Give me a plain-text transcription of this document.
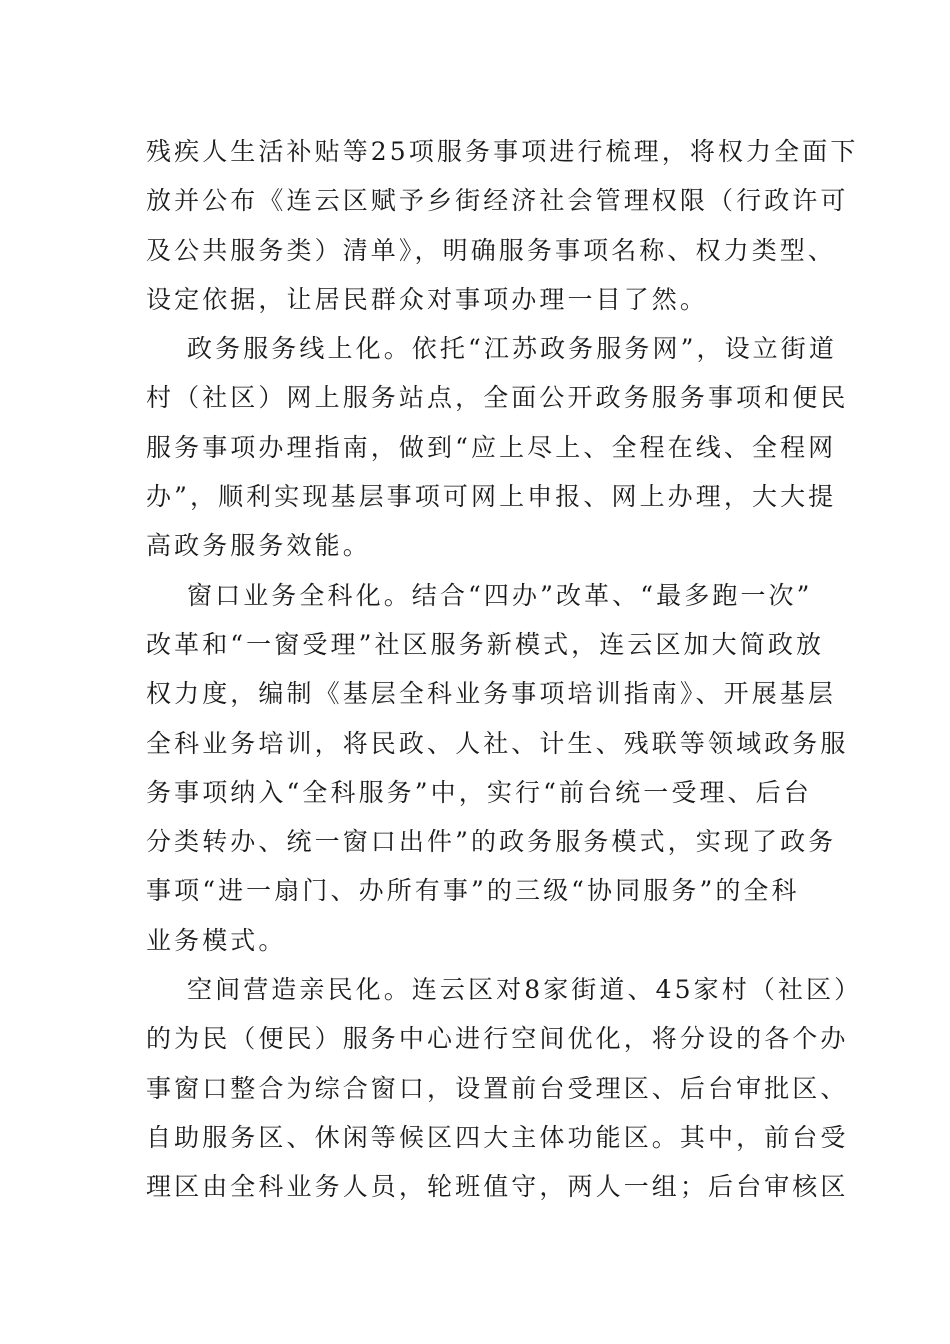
残疾人生活补贴等25项服务事项进行梳理，将权力全面下
放并公布《连云区赋予乡街经济社会管理权限（行政许可
及公共服务类）清单》，明确服务事项名称、权力类型、
设定依据，让居民群众对事项办理一目了然。
政务服务线上化。依托“江苏政务服务网”，设立街道
村（社区）网上服务站点，全面公开政务服务事项和便民
服务事项办理指南，做到“应上尽上、全程在线、全程网
办”，顺利实现基层事项可网上申报、网上办理，大大提
高政务服务效能。
窗口业务全科化。结合“四办”改革、“最多跑一次”
改革和“一窗受理”社区服务新模式，连云区加大简政放
权力度，编制《基层全科业务事项培训指南》、开展基层
全科业务培训，将民政、人社、计生、残联等领域政务服
务事项纳入“全科服务”中，实行“前台统一受理、后台
分类转办、统一窗口出件”的政务服务模式，实现了政务
事项“进一扇门、办所有事”的三级“协同服务”的全科
业务模式。
空间营造亲民化。连云区对8家街道、45家村（社区）
的为民（便民）服务中心进行空间优化，将分设的各个办
事窗口整合为综合窗口，设置前台受理区、后台审批区、
自助服务区、休闲等候区四大主体功能区。其中，前台受
理区由全科业务人员，轮班值守，两人一组；后台审核区
